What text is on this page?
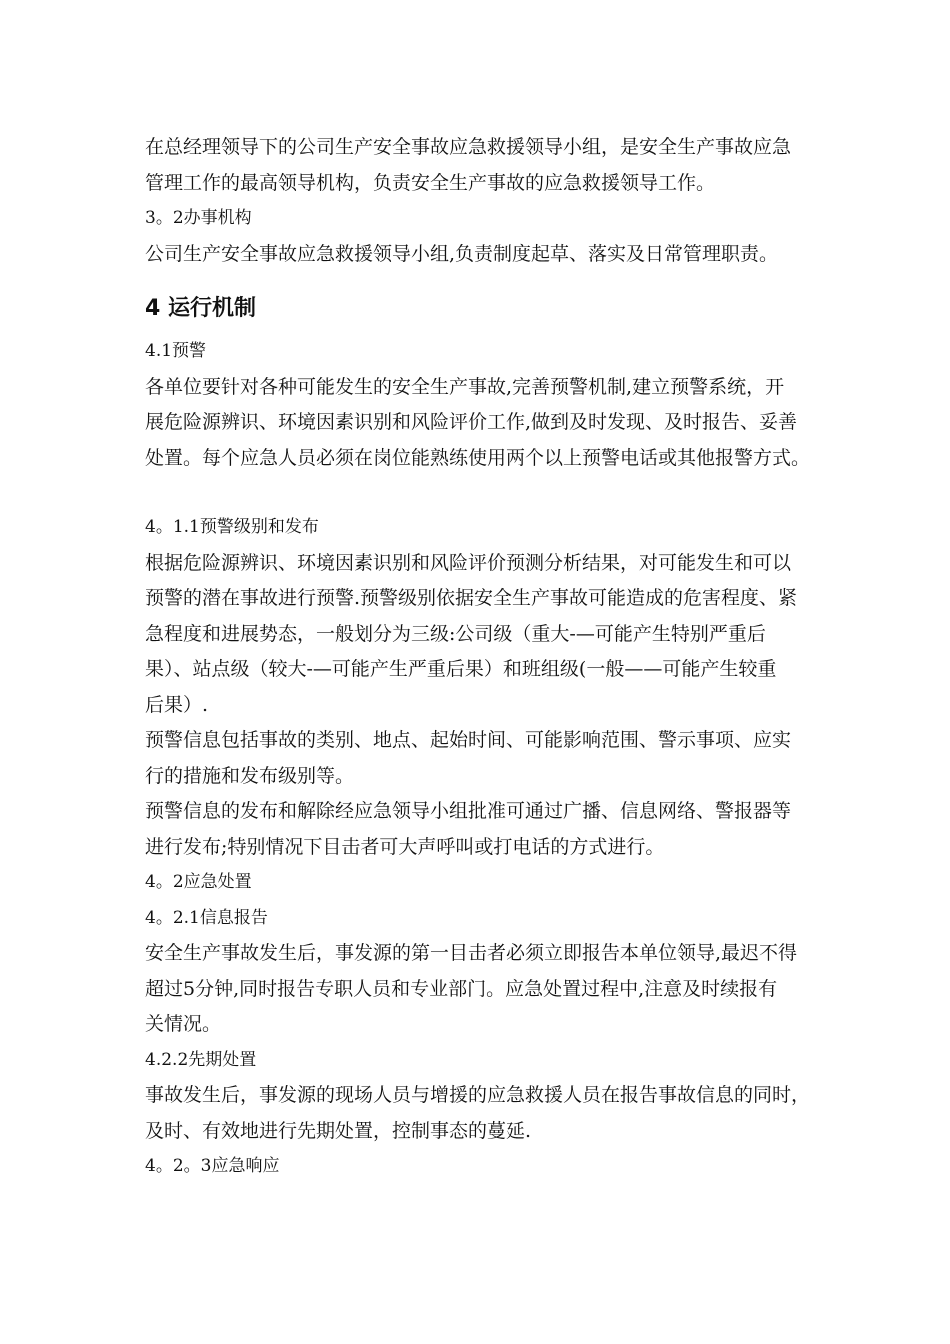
在总经理领导下的公司生产安全事故应急救援领导小组，是安全生产事故应急
管理工作的最高领导机构，负责安全生产事故的应急救援领导工作。
3。2办事机构
公司生产安全事故应急救援领导小组,负责制度起草、落实及日常管理职责。
4 运行机制
4.1预警
各单位要针对各种可能发生的安全生产事故,完善预警机制,建立预警系统，开
展危险源辨识、环境因素识别和风险评价工作,做到及时发现、及时报告、妥善
处置。每个应急人员必须在岗位能熟练使用两个以上预警电话或其他报警方式。
4。1.1预警级别和发布
根据危险源辨识、环境因素识别和风险评价预测分析结果，对可能发生和可以
预警的潜在事故进行预警.预警级别依据安全生产事故可能造成的危害程度、紧
急程度和进展势态，一般划分为三级:公司级（重大-—可能产生特别严重后
果）、站点级（较大-—可能产生严重后果）和班组级(一般——可能产生较重
后果）.
预警信息包括事故的类别、地点、起始时间、可能影响范围、警示事项、应实
行的措施和发布级别等。
预警信息的发布和解除经应急领导小组批准可通过广播、信息网络、警报器等
进行发布;特别情况下目击者可大声呼叫或打电话的方式进行。
4。2应急处置
4。2.1信息报告
安全生产事故发生后，事发源的第一目击者必须立即报告本单位领导,最迟不得
超过5分钟,同时报告专职人员和专业部门。应急处置过程中,注意及时续报有
关情况。
4.2.2先期处置
事故发生后，事发源的现场人员与增援的应急救援人员在报告事故信息的同时，
及时、有效地进行先期处置，控制事态的蔓延.
4。2。3应急响应
